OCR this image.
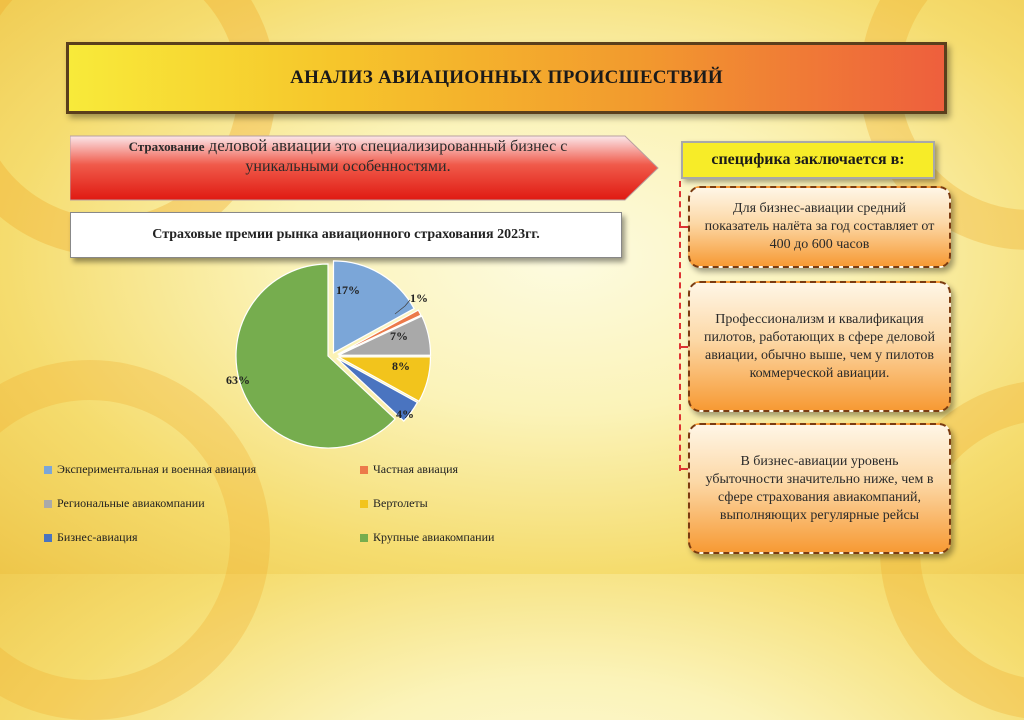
АНАЛИЗ АВИАЦИОННЫХ ПРОИСШЕСТВИЙ
Страхование деловой авиации это специализированный бизнес с уникальными особенностями.
Страховые премии рынка авиационного страхования 2023гг.
17%
1%
7%
8%
4%
63%
Экспериментальная и военная авиация	Частная авиация
Региональные авиакомпании	Вертолеты
Бизнес-авиация	Крупные авиакомпании
специфика заключается в:
Для бизнес-авиации средний показатель налёта за год составляет от 400 до 600 часов
Профессионализм и квалификация пилотов, работающих в сфере деловой авиации, обычно выше, чем у пилотов коммерческой авиации.
В бизнес-авиации уровень убыточности значительно ниже, чем в сфере страхования авиакомпаний, выполняющих регулярные рейсы
